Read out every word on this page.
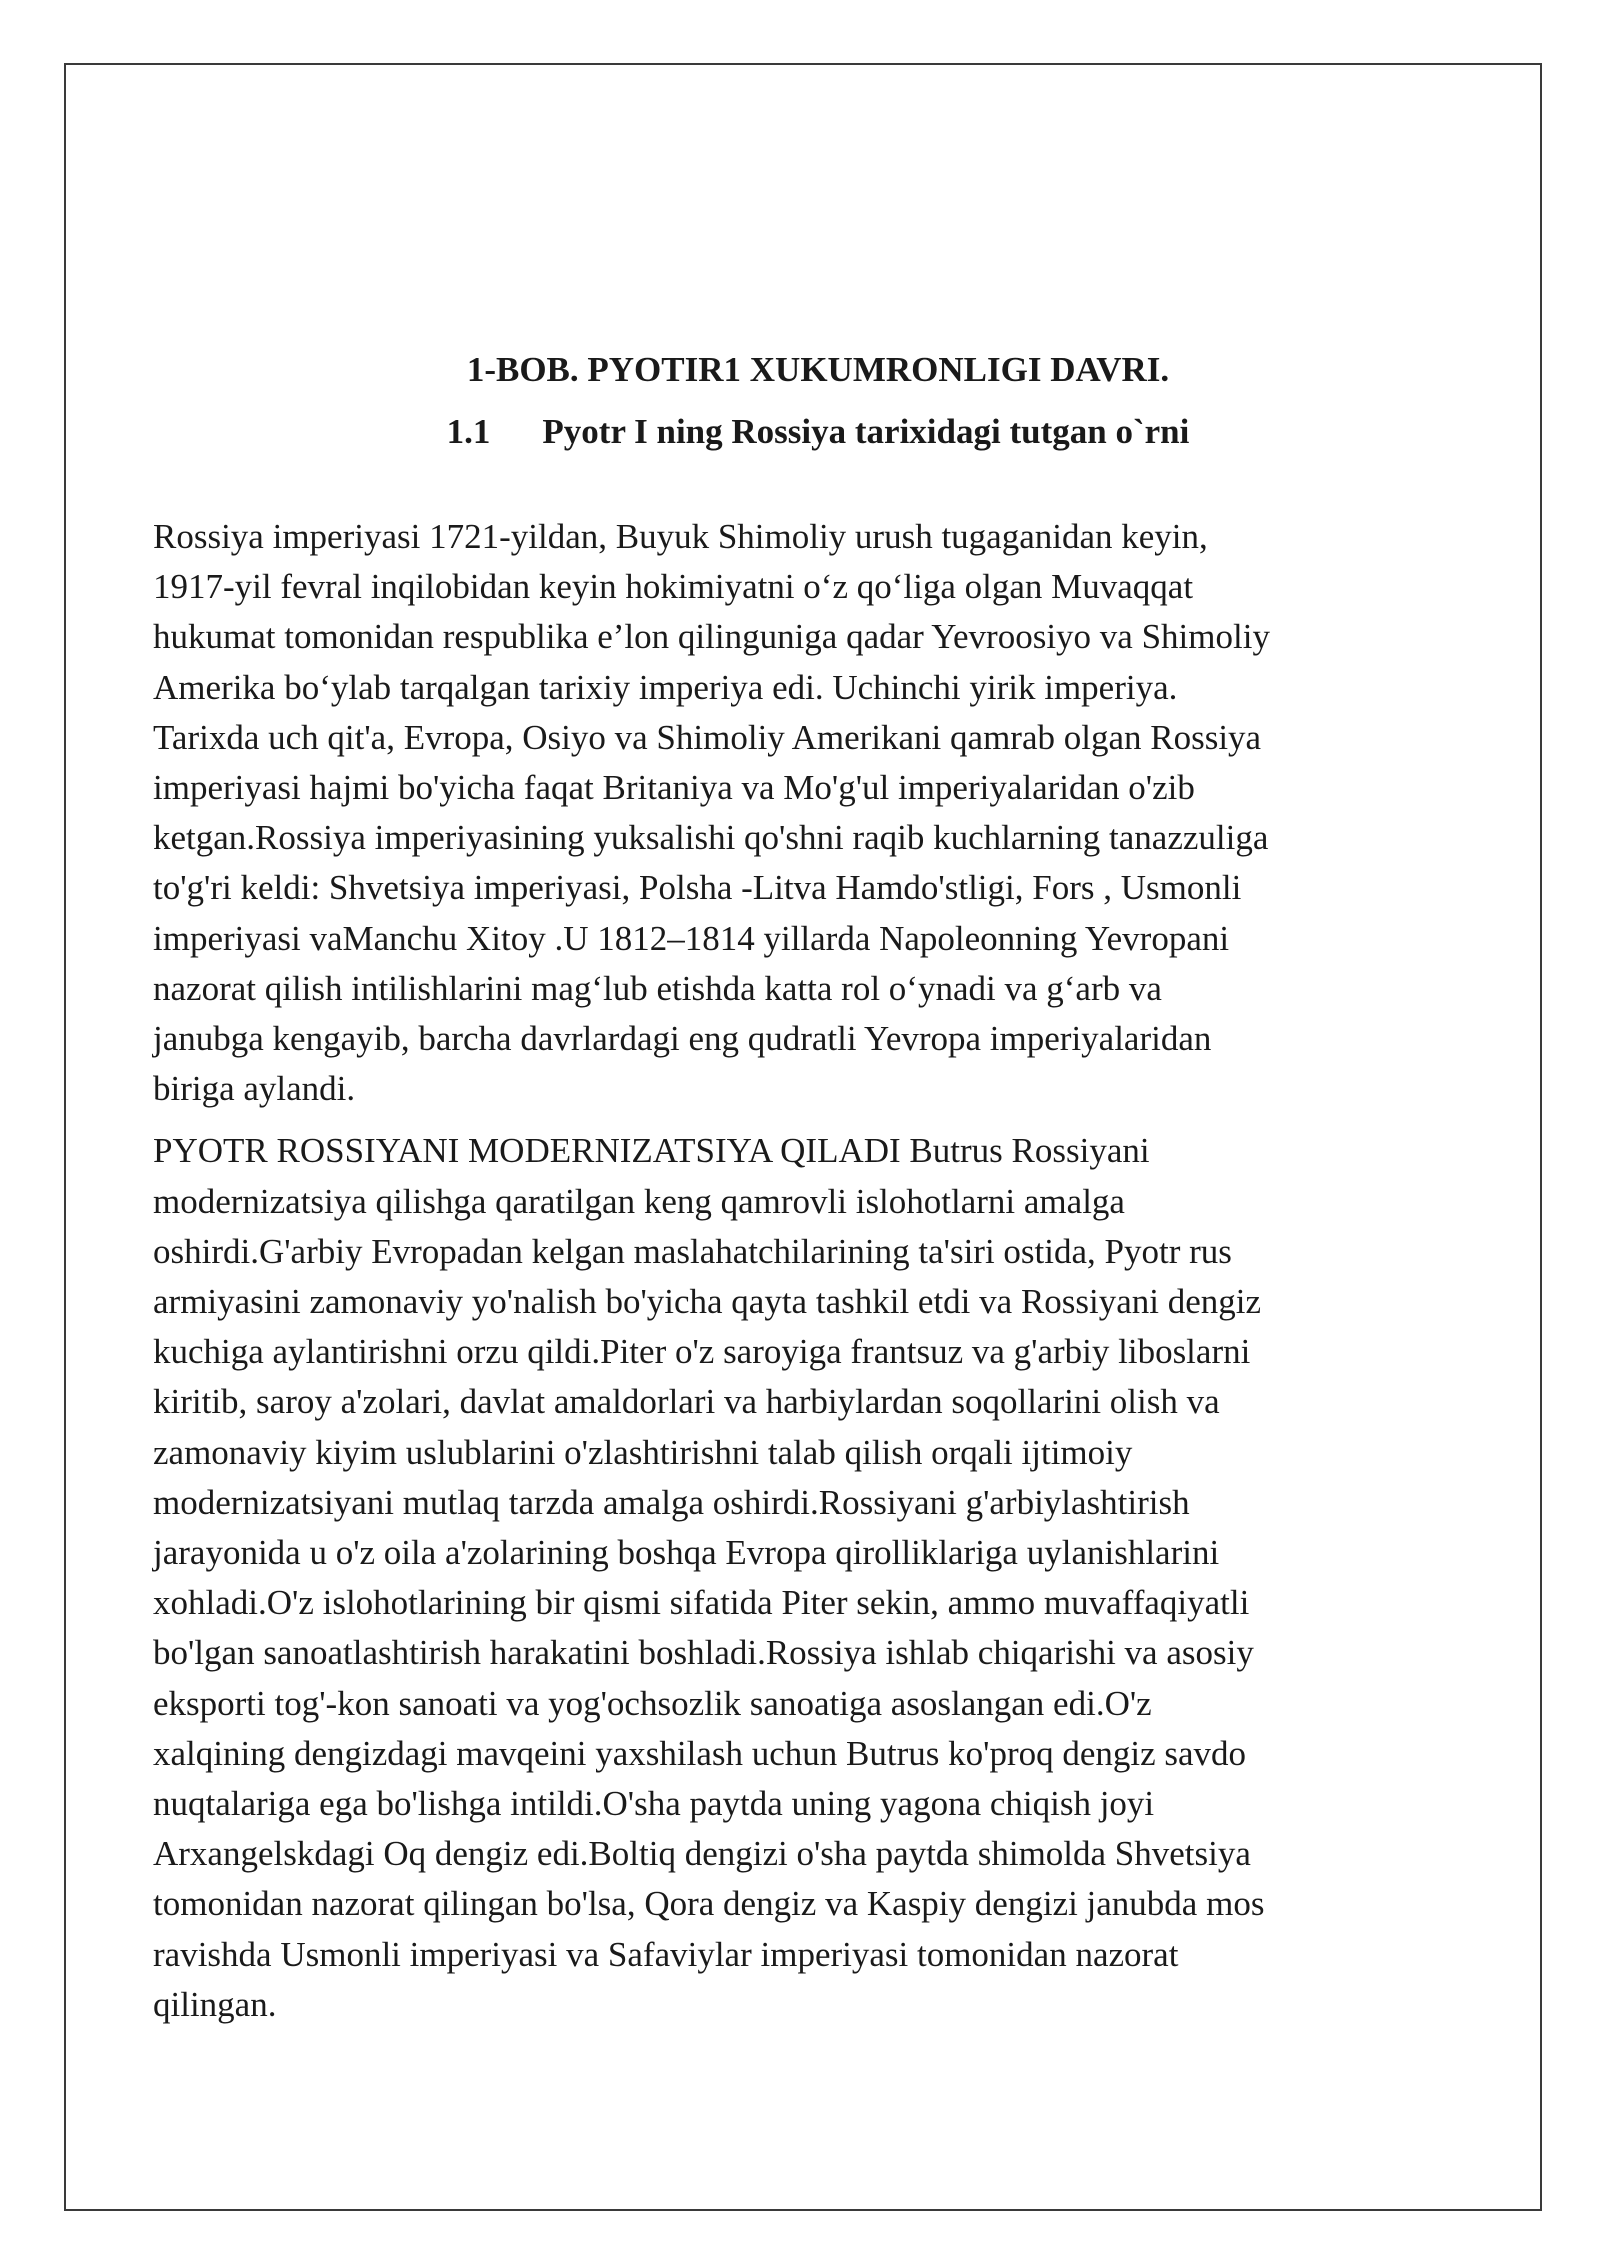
1-BOB. PYOTIR1 XUKUMRONLIGI DAVRI.
1.1 Pyotr I ning Rossiya tarixidagi tutgan o`rni

Rossiya imperiyasi 1721-yildan, Buyuk Shimoliy urush tugaganidan keyin,
1917-yil fevral inqilobidan keyin hokimiyatni o‘z qo‘liga olgan Muvaqqat
hukumat tomonidan respublika e’lon qilinguniga qadar Yevroosiyo va Shimoliy
Amerika bo‘ylab tarqalgan tarixiy imperiya edi. Uchinchi yirik imperiya.
Tarixda uch qit'a, Evropa, Osiyo va Shimoliy Amerikani qamrab olgan Rossiya
imperiyasi hajmi bo'yicha faqat Britaniya va Mo'g'ul imperiyalaridan o'zib
ketgan.Rossiya imperiyasining yuksalishi qo'shni raqib kuchlarning tanazzuliga
to'g'ri keldi: Shvetsiya imperiyasi, Polsha -Litva Hamdo'stligi, Fors , Usmonli
imperiyasi vaManchu Xitoy .U 1812–1814 yillarda Napoleonning Yevropani
nazorat qilish intilishlarini mag‘lub etishda katta rol o‘ynadi va g‘arb va
janubga kengayib, barcha davrlardagi eng qudratli Yevropa imperiyalaridan
biriga aylandi.

PYOTR ROSSIYANI MODERNIZATSIYA QILADI Butrus Rossiyani
modernizatsiya qilishga qaratilgan keng qamrovli islohotlarni amalga
oshirdi.G'arbiy Evropadan kelgan maslahatchilarining ta'siri ostida, Pyotr rus
armiyasini zamonaviy yo'nalish bo'yicha qayta tashkil etdi va Rossiyani dengiz
kuchiga aylantirishni orzu qildi.Piter o'z saroyiga frantsuz va g'arbiy liboslarni
kiritib, saroy a'zolari, davlat amaldorlari va harbiylardan soqollarini olish va
zamonaviy kiyim uslublarini o'zlashtirishni talab qilish orqali ijtimoiy
modernizatsiyani mutlaq tarzda amalga oshirdi.Rossiyani g'arbiylashtirish
jarayonida u o'z oila a'zolarining boshqa Evropa qirolliklariga uylanishlarini
xohladi.O'z islohotlarining bir qismi sifatida Piter sekin, ammo muvaffaqiyatli
bo'lgan sanoatlashtirish harakatini boshladi.Rossiya ishlab chiqarishi va asosiy
eksporti tog'-kon sanoati va yog'ochsozlik sanoatiga asoslangan edi.O'z
xalqining dengizdagi mavqeini yaxshilash uchun Butrus ko'proq dengiz savdo
nuqtalariga ega bo'lishga intildi.O'sha paytda uning yagona chiqish joyi
Arxangelskdagi Oq dengiz edi.Boltiq dengizi o'sha paytda shimolda Shvetsiya
tomonidan nazorat qilingan bo'lsa, Qora dengiz va Kaspiy dengizi janubda mos
ravishda Usmonli imperiyasi va Safaviylar imperiyasi tomonidan nazorat
qilingan.
